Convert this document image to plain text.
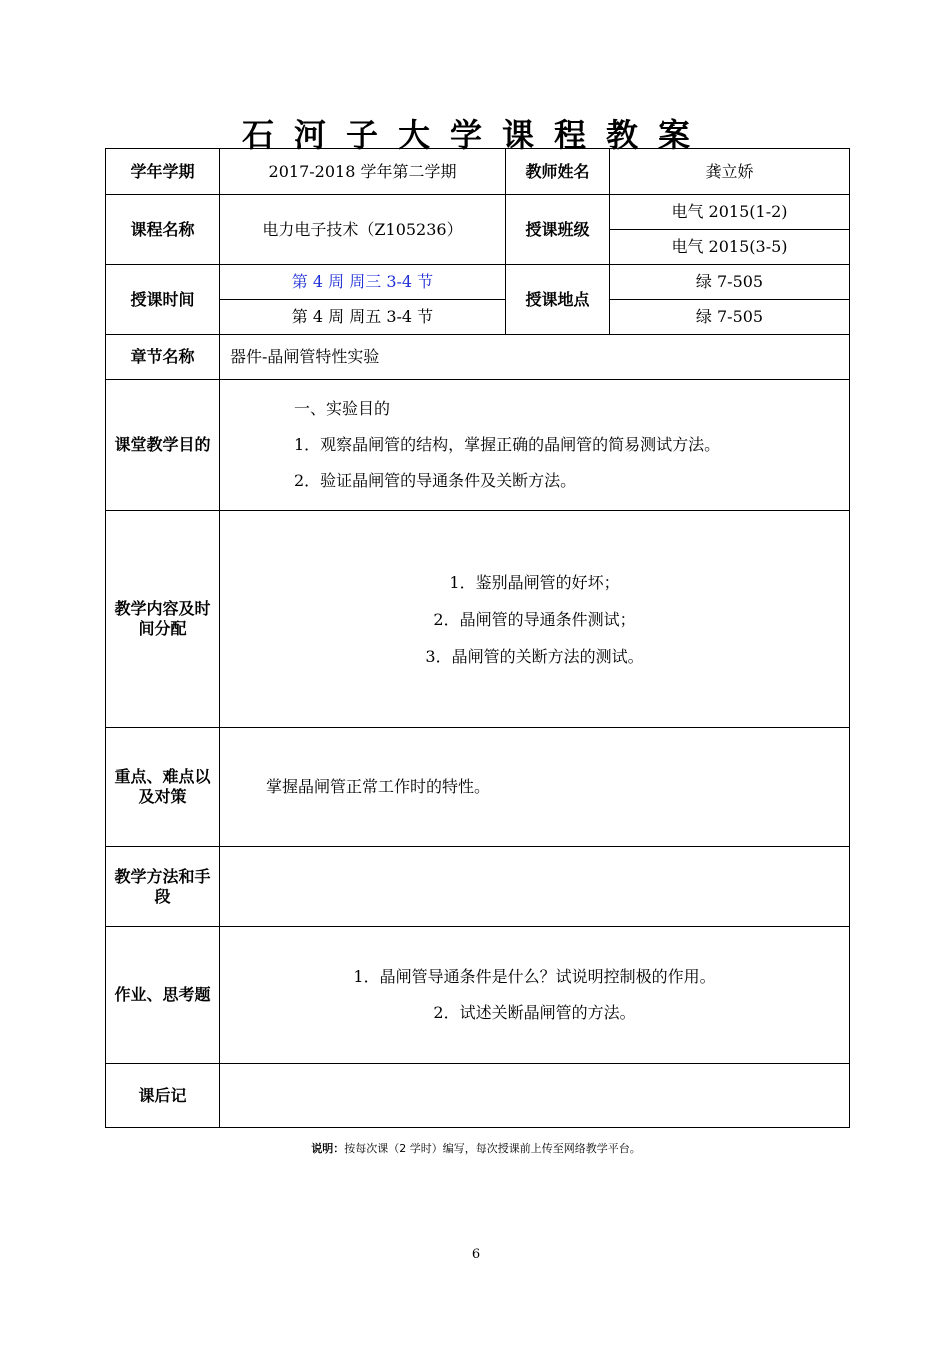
石河子大学课程教案
学年学期	2017-2018 学年第二学期	教师姓名	龚立娇
课程名称	电力电子技术（Z105236）	授课班级	电气 2015(1-2)
			电气 2015(3-5)
授课时间	第 4 周 周三 3-4 节	授课地点	绿 7-505
	第 4 周 周五 3-4 节		绿 7-505
章节名称	器件-晶闸管特性实验		

课堂教学目的	一、实验目的
1．观察晶闸管的结构，掌握正确的晶闸管的简易测试方法。
2．验证晶闸管的导通条件及关断方法。		

教学内容及时间分配	1．鉴别晶闸管的好坏；
2．晶闸管的导通条件测试；
3．晶闸管的关断方法的测试。		

重点、难点以及对策	掌握晶闸管正常工作时的特性。		

教学方法和手段			

作业、思考题	1．晶闸管导通条件是什么？试说明控制极的作用。
2．试述关断晶闸管的方法。		

课后记			
说明：按每次课（2 学时）编写，每次授课前上传至网络教学平台。
6
